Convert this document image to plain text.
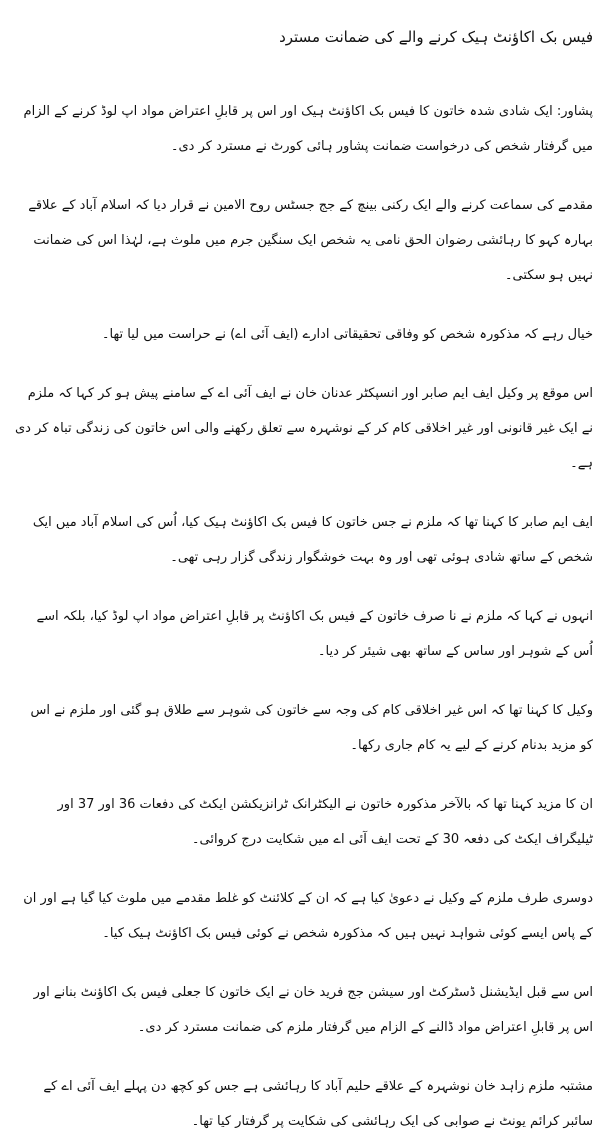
فیس بک اکاؤنٹ ہیک کرنے والے کی ضمانت مسترد

پشاور: ایک شادی شدہ خاتون کا فیس بک اکاؤنٹ ہیک اور اس پر قابلِ اعتراض مواد اپ لوڈ کرنے کے الزام میں گرفتار شخص کی درخواست ضمانت پشاور ہائی کورٹ نے مسترد کر دی۔

مقدمے کی سماعت کرنے والے ایک رکنی بینچ کے جج جسٹس روح الامین نے قرار دیا کہ اسلام آباد کے علاقے بہارہ کہو کا رہائشی رضوان الحق نامی یہ شخص ایک سنگین جرم میں ملوث ہے، لہٰذا اس کی ضمانت نہیں ہو سکتی۔

خیال رہے کہ مذکورہ شخص کو وفاقی تحقیقاتی ادارے (ایف آئی اے) نے حراست میں لیا تھا۔

اس موقع پر وکیل ایف ایم صابر اور انسپکٹر عدنان خان نے ایف آئی اے کے سامنے پیش ہو کر کہا کہ ملزم نے ایک غیر قانونی اور غیر اخلاقی کام کر کے نوشہرہ سے تعلق رکھنے والی اس خاتون کی زندگی تباہ کر دی ہے۔

ایف ایم صابر کا کہنا تھا کہ ملزم نے جس خاتون کا فیس بک اکاؤنٹ ہیک کیا، اُس کی اسلام آباد میں ایک شخص کے ساتھ شادی ہوئی تھی اور وہ بہت خوشگوار زندگی گزار رہی تھی۔

انہوں نے کہا کہ ملزم نے نا صرف خاتون کے فیس بک اکاؤنٹ پر قابلِ اعتراض مواد اپ لوڈ کیا، بلکہ اسے اُس کے شوہر اور ساس کے ساتھ بھی شیئر کر دیا۔

وکیل کا کہنا تھا کہ اس غیر اخلاقی کام کی وجہ سے خاتون کی شوہر سے طلاق ہو گئی اور ملزم نے اس کو مزید بدنام کرنے کے لیے یہ کام جاری رکھا۔

ان کا مزید کہنا تھا کہ بالآخر مذکورہ خاتون نے الیکٹرانک ٹرانزیکشن ایکٹ کی دفعات 36 اور 37 اور ٹیلیگراف ایکٹ کی دفعہ 30 کے تحت ایف آئی اے میں شکایت درج کروائی۔

دوسری طرف ملزم کے وکیل نے دعویٰ کیا ہے کہ ان کے کلائنٹ کو غلط مقدمے میں ملوث کیا گیا ہے اور ان کے پاس ایسے کوئی شواہد نہیں ہیں کہ مذکورہ شخص نے کوئی فیس بک اکاؤنٹ ہیک کیا۔

اس سے قبل ایڈیشنل ڈسٹرکٹ اور سیشن جج فرید خان نے ایک خاتون کا جعلی فیس بک اکاؤنٹ بنانے اور اس پر قابلِ اعتراض مواد ڈالنے کے الزام میں گرفتار ملزم کی ضمانت مسترد کر دی۔

مشتبہ ملزم زاہد خان نوشہرہ کے علاقے حلیم آباد کا رہائشی ہے جس کو کچھ دن پہلے ایف آئی اے کے سائبر کرائم یونٹ نے صوابی کی ایک رہائشی کی شکایت پر گرفتار کیا تھا۔
